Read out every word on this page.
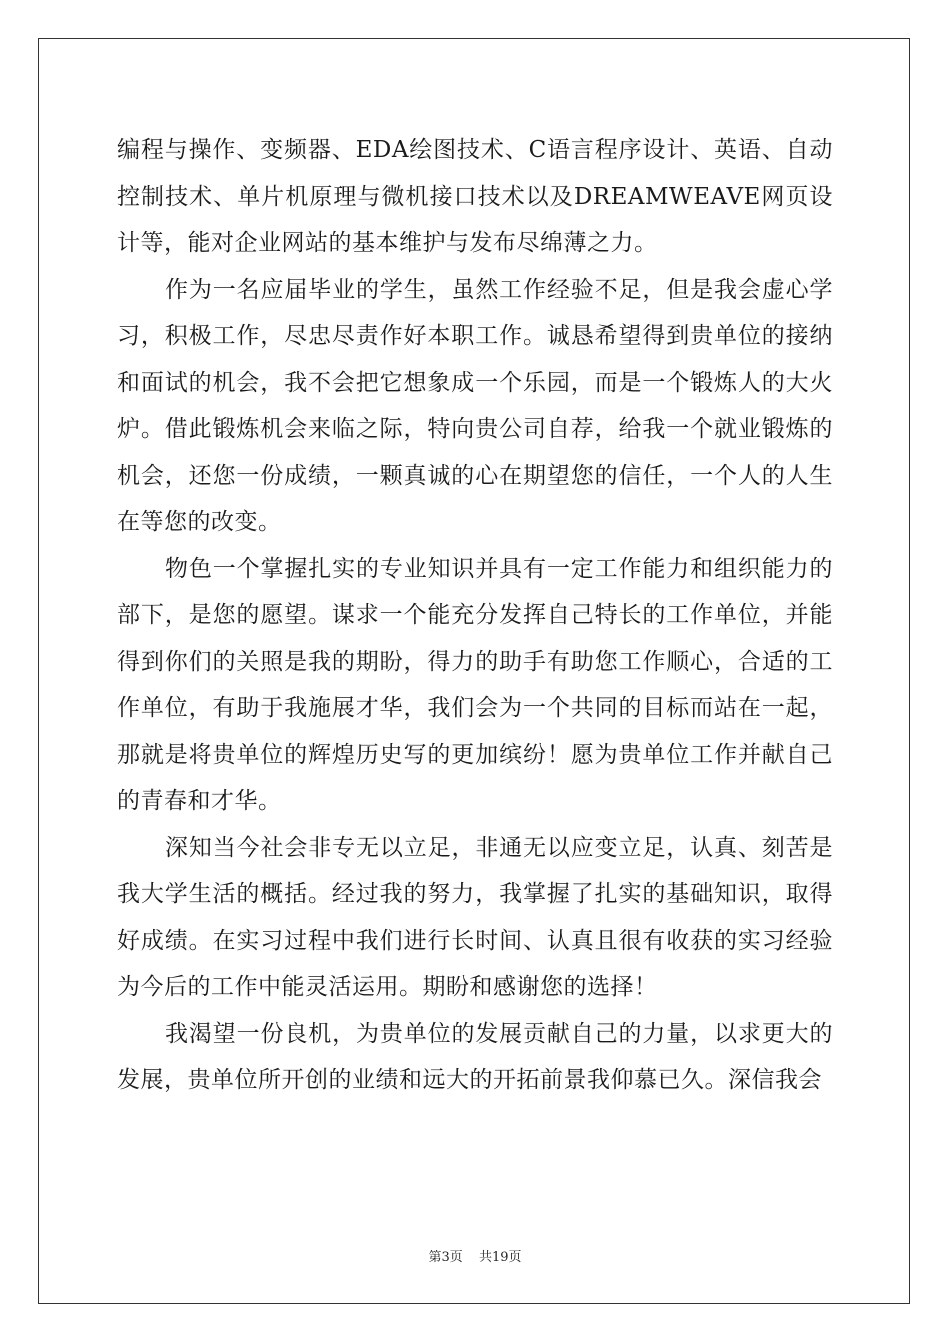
编程与操作、变频器、EDA绘图技术、C语言程序设计、英语、自动控制技术、单片机原理与微机接口技术以及DREAMWEAVE网页设计等，能对企业网站的基本维护与发布尽绵薄之力。

作为一名应届毕业的学生，虽然工作经验不足，但是我会虚心学习，积极工作，尽忠尽责作好本职工作。诚恳希望得到贵单位的接纳和面试的机会，我不会把它想象成一个乐园，而是一个锻炼人的大火炉。借此锻炼机会来临之际，特向贵公司自荐，给我一个就业锻炼的机会，还您一份成绩，一颗真诚的心在期望您的信任，一个人的人生在等您的改变。

物色一个掌握扎实的专业知识并具有一定工作能力和组织能力的部下，是您的愿望。谋求一个能充分发挥自己特长的工作单位，并能得到你们的关照是我的期盼，得力的助手有助您工作顺心，合适的工作单位，有助于我施展才华，我们会为一个共同的目标而站在一起，那就是将贵单位的辉煌历史写的更加缤纷！愿为贵单位工作并献自己的青春和才华。

深知当今社会非专无以立足，非通无以应变立足，认真、刻苦是我大学生活的概括。经过我的努力，我掌握了扎实的基础知识，取得好成绩。在实习过程中我们进行长时间、认真且很有收获的实习经验为今后的工作中能灵活运用。期盼和感谢您的选择！

我渴望一份良机，为贵单位的发展贡献自己的力量，以求更大的发展，贵单位所开创的业绩和远大的开拓前景我仰慕已久。深信我会

第3页 共19页
